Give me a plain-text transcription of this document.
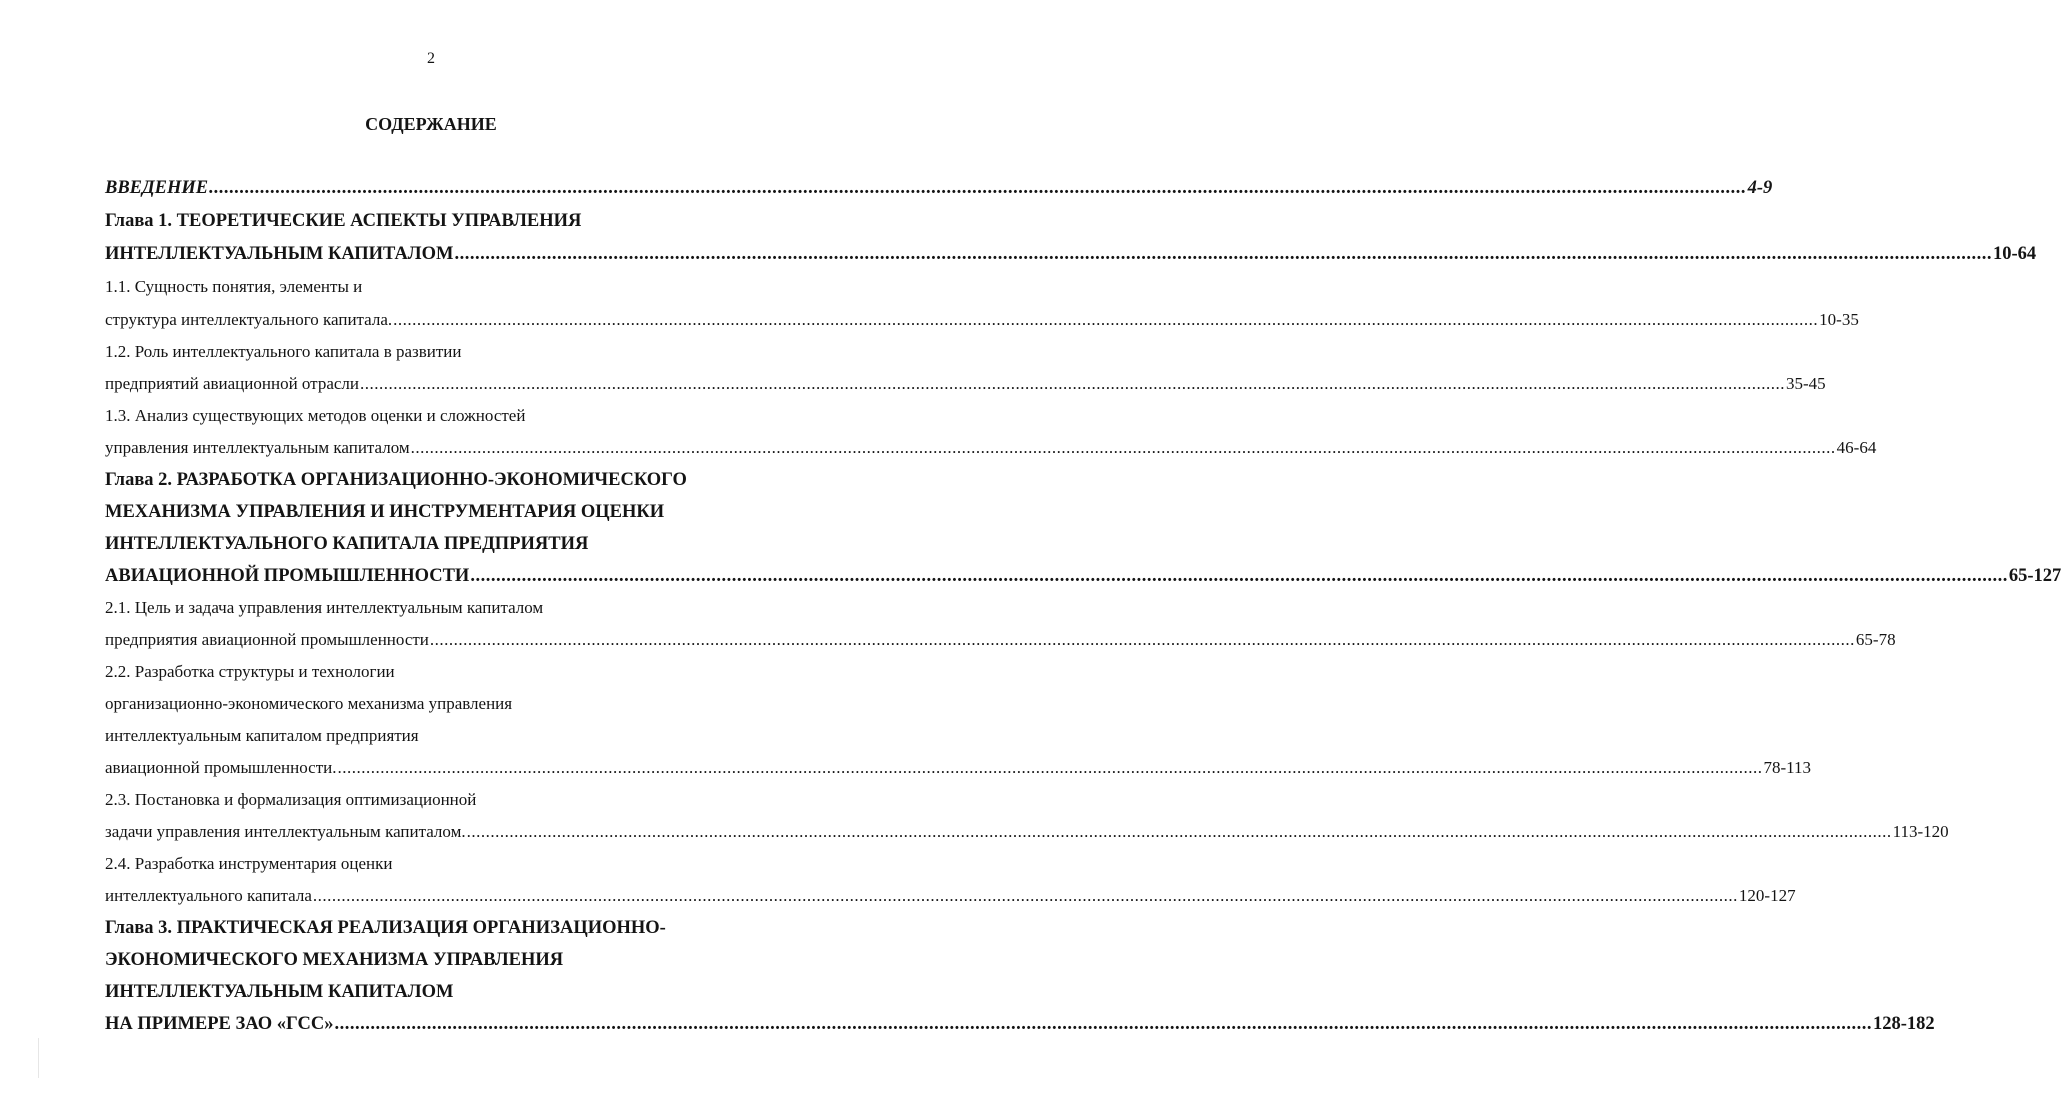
2
СОДЕРЖАНИЕ
ВВЕДЕНИЕ ............................................................................................................................................................................................................................................................................................................ 4-9
Глава 1. ТЕОРЕТИЧЕСКИЕ АСПЕКТЫ УПРАВЛЕНИЯ
ИНТЕЛЛЕКТУАЛЬНЫМ КАПИТАЛОМ ............................................................................................................................................................................................................................................................................................................ 10-64
1.1. Сущность понятия, элементы и
структура интеллектуального капитала. ............................................................................................................................................................................................................................................................................................................ 10-35
1.2. Роль интеллектуального капитала в развитии
предприятий авиационной отрасли ............................................................................................................................................................................................................................................................................................................ 35-45
1.3. Анализ существующих методов оценки и сложностей
управления интеллектуальным капиталом ............................................................................................................................................................................................................................................................................................................ 46-64
Глава 2. РАЗРАБОТКА ОРГАНИЗАЦИОННО-ЭКОНОМИЧЕСКОГО
МЕХАНИЗМА УПРАВЛЕНИЯ И ИНСТРУМЕНТАРИЯ ОЦЕНКИ
ИНТЕЛЛЕКТУАЛЬНОГО КАПИТАЛА ПРЕДПРИЯТИЯ
АВИАЦИОННОЙ ПРОМЫШЛЕННОСТИ ............................................................................................................................................................................................................................................................................................................ 65-127
2.1. Цель и задача управления интеллектуальным капиталом
предприятия авиационной промышленности ............................................................................................................................................................................................................................................................................................................ 65-78
2.2. Разработка структуры и технологии
организационно-экономического механизма управления
интеллектуальным капиталом предприятия
авиационной промышленности. ............................................................................................................................................................................................................................................................................................................ 78-113
2.3. Постановка и формализация оптимизационной
задачи управления интеллектуальным капиталом. ............................................................................................................................................................................................................................................................................................................ 113-120
2.4. Разработка инструментария оценки
интеллектуального капитала ............................................................................................................................................................................................................................................................................................................ 120-127
Глава 3. ПРАКТИЧЕСКАЯ РЕАЛИЗАЦИЯ ОРГАНИЗАЦИОННО-
ЭКОНОМИЧЕСКОГО МЕХАНИЗМА УПРАВЛЕНИЯ
ИНТЕЛЛЕКТУАЛЬНЫМ КАПИТАЛОМ
НА ПРИМЕРЕ ЗАО «ГСС» ............................................................................................................................................................................................................................................................................................................ 128-182
